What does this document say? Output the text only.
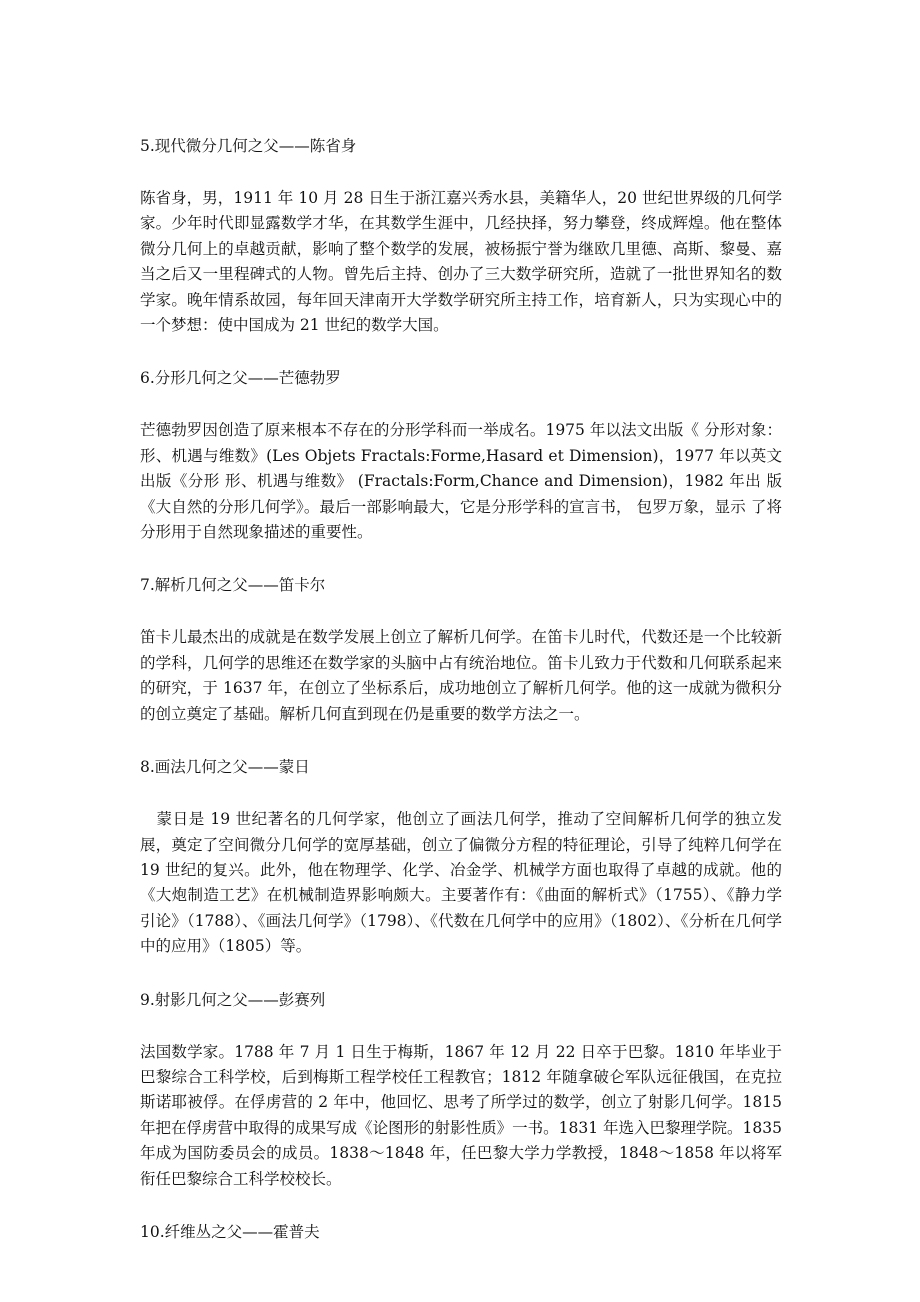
5.现代微分几何之父——陈省身

陈省身，男，1911 年 10 月 28 日生于浙江嘉兴秀水县，美籍华人，20 世纪世界级的几何学家。少年时代即显露数学才华，在其数学生涯中，几经抉择，努力攀登，终成辉煌。他在整体微分几何上的卓越贡献，影响了整个数学的发展，被杨振宁誉为继欧几里德、高斯、黎曼、嘉当之后又一里程碑式的人物。曾先后主持、创办了三大数学研究所，造就了一批世界知名的数学家。晚年情系故园，每年回天津南开大学数学研究所主持工作，培育新人，只为实现心中的一个梦想：使中国成为 21 世纪的数学大国。

6.分形几何之父——芒德勃罗

芒德勃罗因创造了原来根本不存在的分形学科而一举成名。1975 年以法文出版《 分形对象：形、机遇与维数》(Les Objets Fractals:Forme,Hasard et Dimension)，1977 年以英文出版《分形 形、机遇与维数》 (Fractals:Form,Chance and Dimension)，1982 年出 版《大自然的分形几何学》。最后一部影响最大，它是分形学科的宣言书， 包罗万象，显示 了将分形用于自然现象描述的重要性。

7.解析几何之父——笛卡尔

笛卡儿最杰出的成就是在数学发展上创立了解析几何学。在笛卡儿时代，代数还是一个比较新的学科，几何学的思维还在数学家的头脑中占有统治地位。笛卡儿致力于代数和几何联系起来的研究，于 1637 年，在创立了坐标系后，成功地创立了解析几何学。他的这一成就为微积分的创立奠定了基础。解析几何直到现在仍是重要的数学方法之一。

8.画法几何之父——蒙日

蒙日是 19 世纪著名的几何学家，他创立了画法几何学，推动了空间解析几何学的独立发展，奠定了空间微分几何学的宽厚基础，创立了偏微分方程的特征理论，引导了纯粹几何学在 19 世纪的复兴。此外，他在物理学、化学、冶金学、机械学方面也取得了卓越的成就。他的《大炮制造工艺》在机械制造界影响颇大。主要著作有：《曲面的解析式》（1755）、《静力学引论》（1788）、《画法几何学》（1798）、《代数在几何学中的应用》（1802）、《分析在几何学中的应用》（1805）等。

9.射影几何之父——彭赛列

法国数学家。1788 年 7 月 1 日生于梅斯，1867 年 12 月 22 日卒于巴黎。1810 年毕业于巴黎综合工科学校，后到梅斯工程学校任工程教官；1812 年随拿破仑军队远征俄国，在克拉斯诺耶被俘。在俘虏营的 2 年中，他回忆、思考了所学过的数学，创立了射影几何学。1815 年把在俘虏营中取得的成果写成《论图形的射影性质》一书。1831 年选入巴黎理学院。1835 年成为国防委员会的成员。1838～1848 年，任巴黎大学力学教授，1848～1858 年以将军衔任巴黎综合工科学校校长。

10.纤维丛之父——霍普夫
